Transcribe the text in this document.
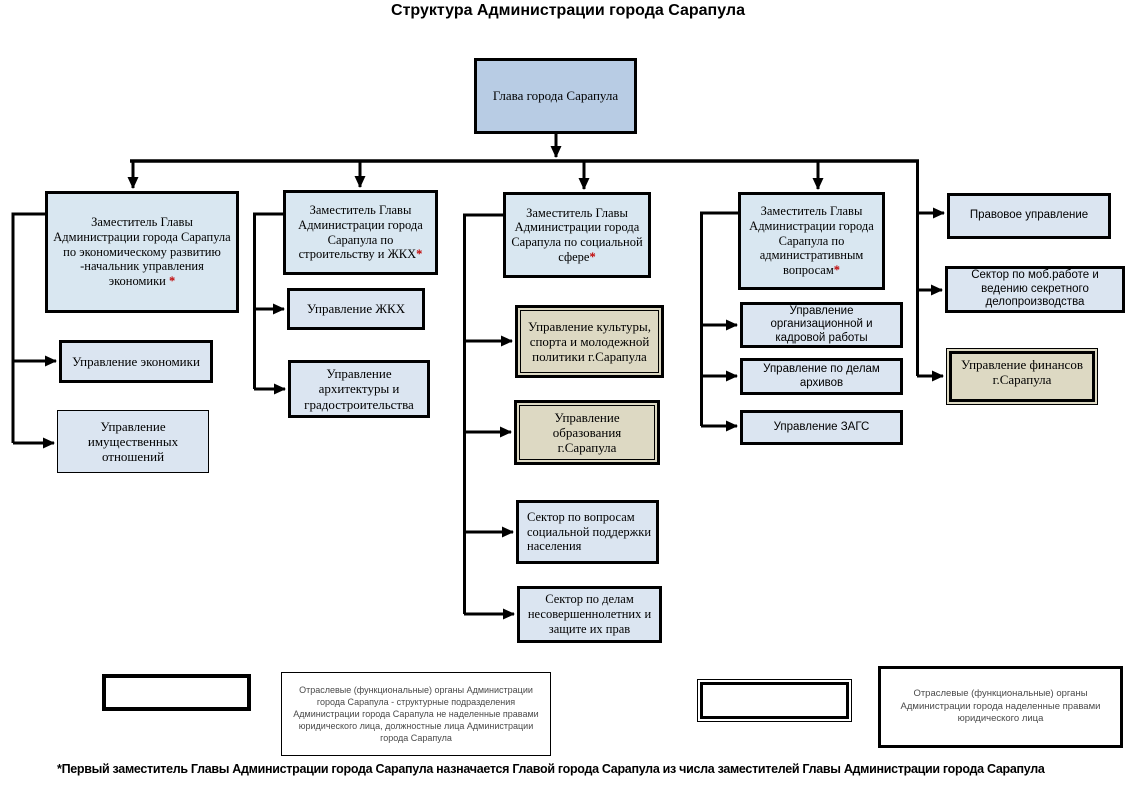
Структура Администрации города Сарапула
Глава города Сарапула
Заместитель Главы Администрации города Сарапула по экономическому развитию -начальник управления экономики *
Управление экономики
Управление имущественных отношений
Заместитель Главы Администрации города Сарапула по строительству и ЖКХ*
Управление ЖКХ
Управление архитектуры и градостроительства
Заместитель Главы Администрации города Сарапула по социальной сфере*
Управление культуры, спорта и молодежной политики г.Сарапула
Управление образования г.Сарапула
Сектор по вопросам социальной поддержки населения
Сектор по делам несовершеннолетних и защите их прав
Заместитель Главы Администрации города Сарапула по административным вопросам*
Управление организационной и кадровой работы
Управление по делам архивов
Управление ЗАГС
Правовое управление
Сектор по моб.работе и ведению секретного делопроизводства
Управление финансов г.Сарапула
Отраслевые (функциональные) органы Администрации города Сарапула - структурные подразделения Администрации города Сарапула не наделенные правами юридического лица, должностные лица Администрации города Сарапула
Отраслевые (функциональные) органы Администрации города наделенные правами юридического лица
*Первый заместитель Главы Администрации города Сарапула назначается Главой города Сарапула из числа заместителей Главы Администрации города Сарапула
